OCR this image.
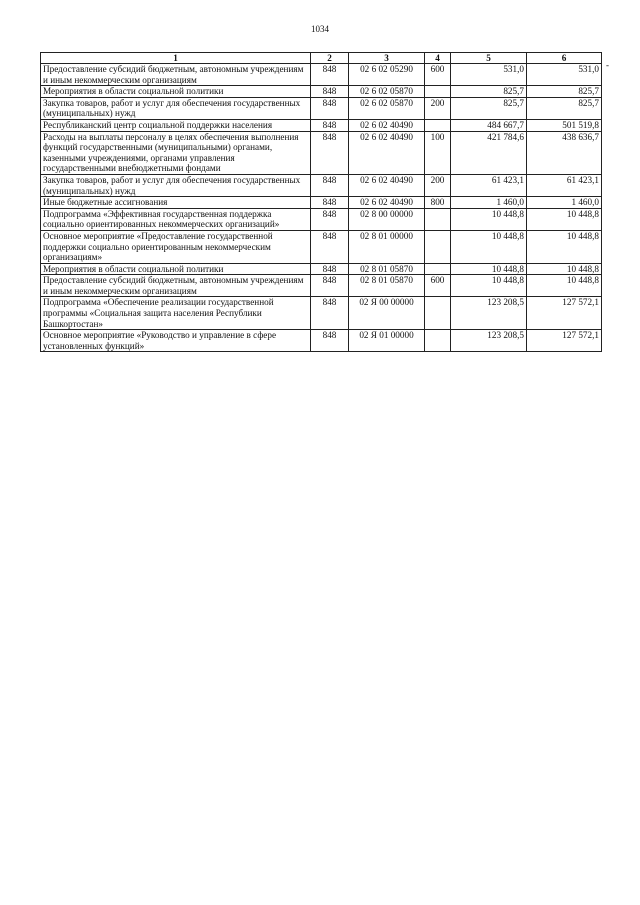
1034
-
1	2	3	4	5	6
Предоставление субсидий бюджетным, автономным учреждениям и иным некоммерческим организациям	848	02 6 02 05290	600	531,0	531,0
Мероприятия в области социальной политики	848	02 6 02 05870		825,7	825,7
Закупка товаров, работ и услуг для обеспечения государственных (муниципальных) нужд	848	02 6 02 05870	200	825,7	825,7
Республиканский центр социальной поддержки населения	848	02 6 02 40490		484 667,7	501 519,8
Расходы на выплаты персоналу в целях обеспечения выполнения функций государственными (муниципальными) органами, казенными учреждениями, органами управления государственными внебюджетными фондами	848	02 6 02 40490	100	421 784,6	438 636,7
Закупка товаров, работ и услуг для обеспечения государственных (муниципальных) нужд	848	02 6 02 40490	200	61 423,1	61 423,1
Иные бюджетные ассигнования	848	02 6 02 40490	800	1 460,0	1 460,0
Подпрограмма «Эффективная государственная поддержка социально ориентированных некоммерческих организаций»	848	02 8 00 00000		10 448,8	10 448,8
Основное мероприятие «Предоставление государственной поддержки социально ориентированным некоммерческим организациям»	848	02 8 01 00000		10 448,8	10 448,8
Мероприятия в области социальной политики	848	02 8 01 05870		10 448,8	10 448,8
Предоставление субсидий бюджетным, автономным учреждениям и иным некоммерческим организациям	848	02 8 01 05870	600	10 448,8	10 448,8
Подпрограмма «Обеспечение реализации государственной программы «Социальная защита населения Республики Башкортостан»	848	02 Я 00 00000		123 208,5	127 572,1
Основное мероприятие «Руководство и управление в сфере установленных функций»	848	02 Я 01 00000		123 208,5	127 572,1
